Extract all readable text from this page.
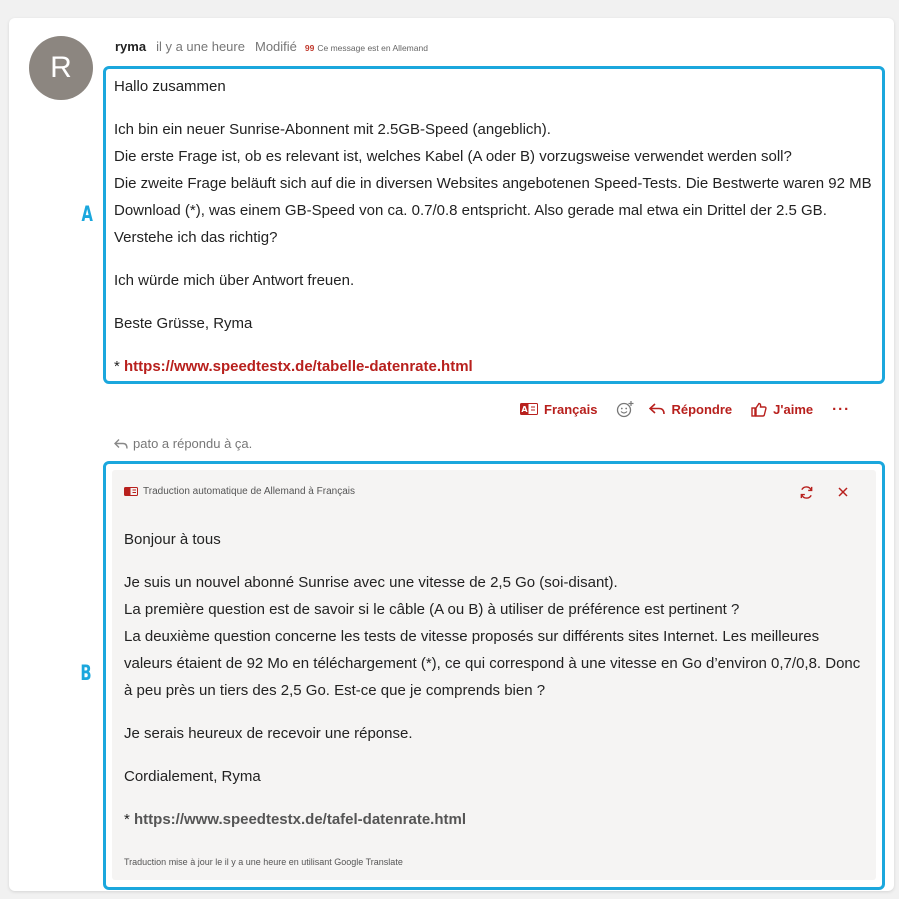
R
ryma il y a une heure Modifié 99 Ce message est en Allemand
A
B

Hallo zusammen

Ich bin ein neuer Sunrise-Abonnent mit 2.5GB-Speed (angeblich).
Die erste Frage ist, ob es relevant ist, welches Kabel (A oder B) vorzugsweise verwendet werden soll?
Die zweite Frage beläuft sich auf die in diversen Websites angebotenen Speed-Tests. Die Bestwerte waren 92 MB Download (*), was einem GB-Speed von ca. 0.7/0.8 entspricht. Also gerade mal etwa ein Drittel der 2.5 GB. Verstehe ich das richtig?

Ich würde mich über Antwort freuen.

Beste Grüsse, Ryma

* https://www.speedtestx.de/tabelle-datenrate.html

A Français	Répondre	J'aime ···
pato a répondu à ça.
Traduction automatique de Allemand à Français

Bonjour à tous

Je suis un nouvel abonné Sunrise avec une vitesse de 2,5 Go (soi-disant).
La première question est de savoir si le câble (A ou B) à utiliser de préférence est pertinent ?
La deuxième question concerne les tests de vitesse proposés sur différents sites Internet. Les meilleures valeurs étaient de 92 Mo en téléchargement (*), ce qui correspond à une vitesse en Go d’environ 0,7/0,8. Donc à peu près un tiers des 2,5 Go. Est-ce que je comprends bien ?

Je serais heureux de recevoir une réponse.

Cordialement, Ryma

* https://www.speedtestx.de/tafel-datenrate.html

Traduction mise à jour le il y a une heure en utilisant Google Translate
